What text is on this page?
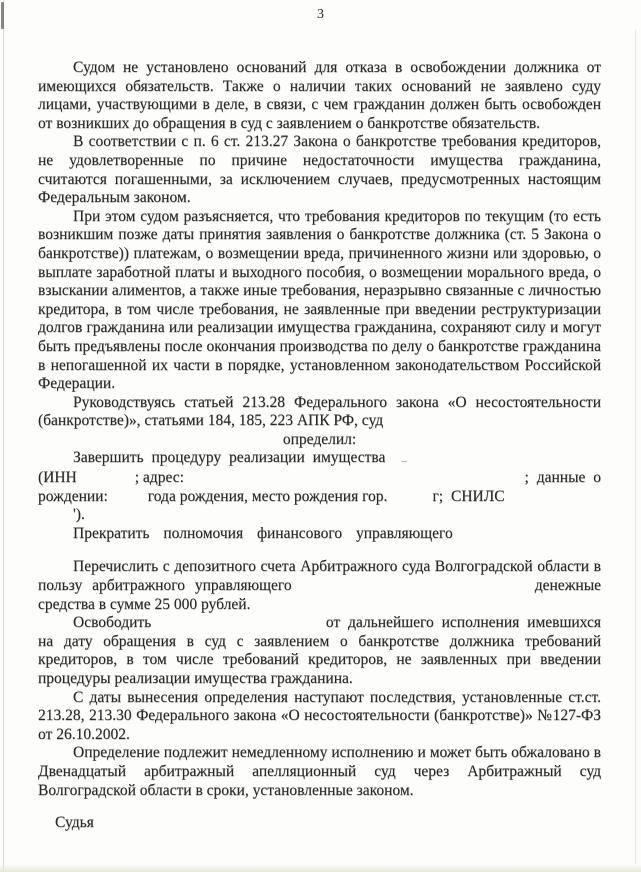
3

Судом не установлено оснований для отказа в освобождении должника от имеющихся обязательств. Также о наличии таких оснований не заявлено суду лицами, участвующими в деле, в связи, с чем гражданин должен быть освобожден от возникших до обращения в суд с заявлением о банкротстве обязательств.

В соответствии с п. 6 ст. 213.27 Закона о банкротстве требования кредиторов, не удовлетворенные по причине недостаточности имущества гражданина, считаются погашенными, за исключением случаев, предусмотренных настоящим Федеральным законом.

При этом судом разъясняется, что требования кредиторов по текущим (то есть возникшим позже даты принятия заявления о банкротстве должника (ст. 5 Закона о банкротстве)) платежам, о возмещении вреда, причиненного жизни или здоровью, о выплате заработной платы и выходного пособия, о возмещении морального вреда, о взыскании алиментов, а также иные требования, неразрывно связанные с личностью кредитора, в том числе требования, не заявленные при введении реструктуризации долгов гражданина или реализации имущества гражданина, сохраняют силу и могут быть предъявлены после окончания производства по делу о банкротстве гражданина в непогашенной их части в порядке, установленном законодательством Российской Федерации.

Руководствуясь статьей 213.28 Федерального закона «О несостоятельности (банкротстве)», статьями 184, 185, 223 АПК РФ, суд

определил:

Завершить процедуру реализации имущества _
(ИНН	; адрес:	; данные о
рождении:	года рождения, место рождения гор.	г; СНИЛС
').
Прекратить полномочия финансового управляющего

Перечислить с депозитного счета Арбитражного суда Волгоградской области в

пользу арбитражного управляющего	денежные
средства в сумме 25 000 рублей.
Освободить	от дальнейшего исполнения имевшихся

на дату обращения в суд с заявлением о банкротстве должника требований кредиторов, в том числе требований кредиторов, не заявленных при введении процедуры реализации имущества гражданина.

С даты вынесения определения наступают последствия, установленные ст.ст. 213.28, 213.30 Федерального закона «О несостоятельности (банкротстве)» №127-ФЗ от 26.10.2002.

Определение подлежит немедленному исполнению и может быть обжаловано в Двенадцатый арбитражный апелляционный суд через Арбитражный суд Волгоградской области в сроки, установленные законом.

Судья
